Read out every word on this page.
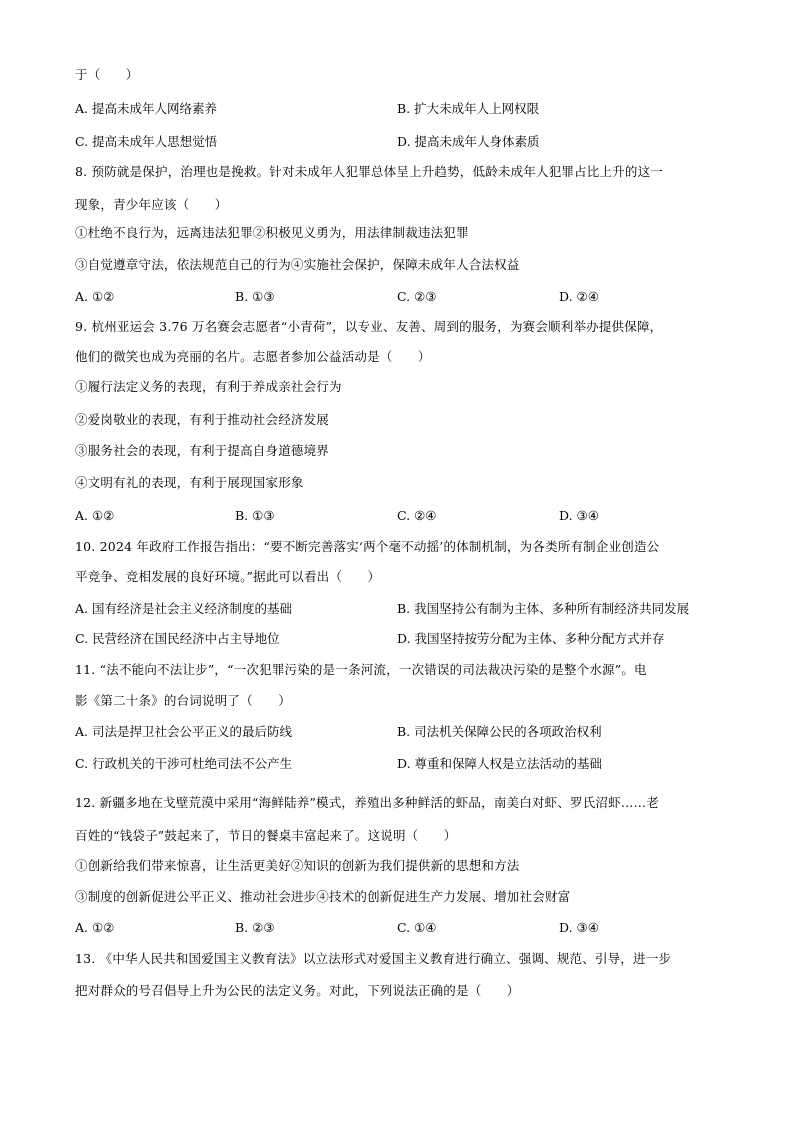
于（　　）
A. 提高未成年人网络素养	B. 扩大未成年人上网权限
C. 提高未成年人思想觉悟	D. 提高未成年人身体素质
8. 预防就是保护，治理也是挽救。针对未成年人犯罪总体呈上升趋势，低龄未成年人犯罪占比上升的这一
现象，青少年应该（　　）
①杜绝不良行为，远离违法犯罪②积极见义勇为，用法律制裁违法犯罪
③自觉遵章守法，依法规范自己的行为④实施社会保护，保障未成年人合法权益
A. ①②	B. ①③	C. ②③	D. ②④
9. 杭州亚运会 3.76 万名赛会志愿者“小青荷”，以专业、友善、周到的服务，为赛会顺利举办提供保障，
他们的微笑也成为亮丽的名片。志愿者参加公益活动是（　　）
①履行法定义务的表现，有利于养成亲社会行为
②爱岗敬业的表现，有利于推动社会经济发展
③服务社会的表现，有利于提高自身道德境界
④文明有礼的表现，有利于展现国家形象
A. ①②	B. ①③	C. ②④	D. ③④
10. 2024 年政府工作报告指出：“要不断完善落实‘两个毫不动摇’的体制机制，为各类所有制企业创造公
平竞争、竞相发展的良好环境。”据此可以看出（　　）
A. 国有经济是社会主义经济制度的基础	B. 我国坚持公有制为主体、多种所有制经济共同发展
C. 民营经济在国民经济中占主导地位	D. 我国坚持按劳分配为主体、多种分配方式并存
11. “法不能向不法让步”，“一次犯罪污染的是一条河流，一次错误的司法裁决污染的是整个水源”。电
影《第二十条》的台词说明了（　　）
A. 司法是捍卫社会公平正义的最后防线	B. 司法机关保障公民的各项政治权利
C. 行政机关的干涉可杜绝司法不公产生	D. 尊重和保障人权是立法活动的基础
12. 新疆多地在戈壁荒漠中采用“海鲜陆养”模式，养殖出多种鲜活的虾品，南美白对虾、罗氏沼虾……老
百姓的“钱袋子”鼓起来了，节日的餐桌丰富起来了。这说明（　　）
①创新给我们带来惊喜，让生活更美好②知识的创新为我们提供新的思想和方法
③制度的创新促进公平正义、推动社会进步④技术的创新促进生产力发展、增加社会财富
A. ①②	B. ②③	C. ①④	D. ③④
13. 《中华人民共和国爱国主义教育法》以立法形式对爱国主义教育进行确立、强调、规范、引导，进一步
把对群众的号召倡导上升为公民的法定义务。对此，下列说法正确的是（　　）
